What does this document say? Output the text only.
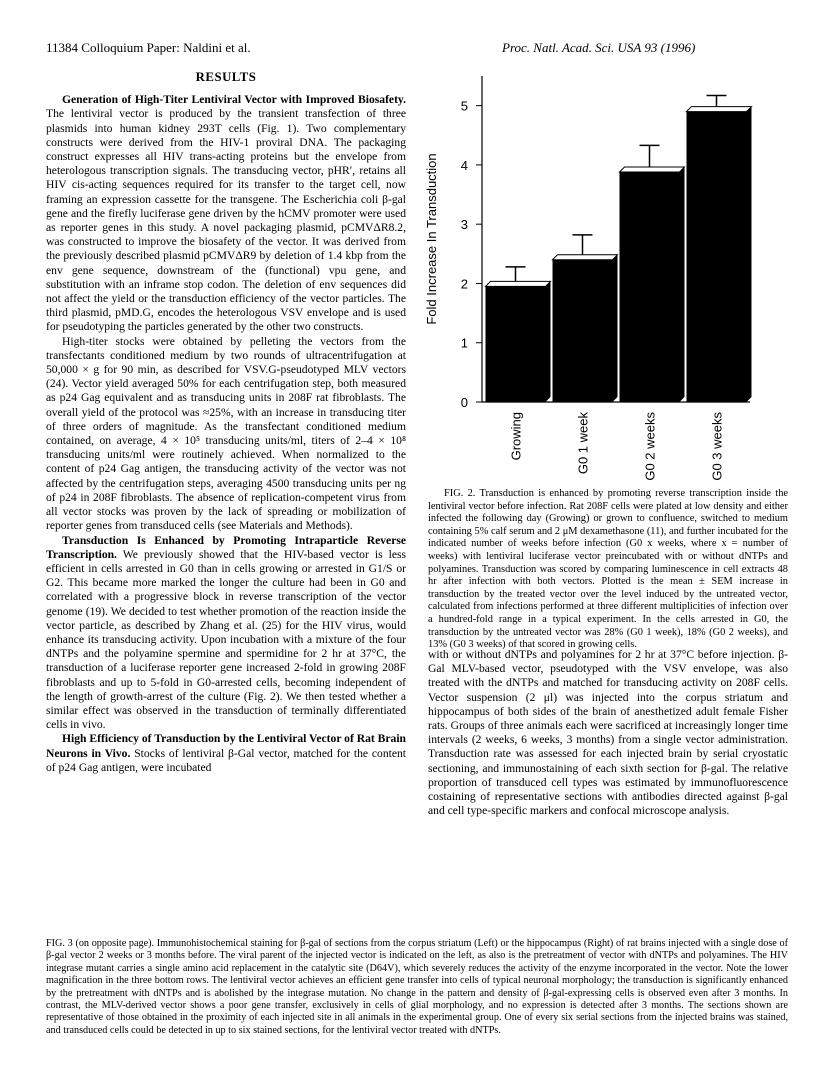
11384 Colloquium Paper: Naldini et al.	Proc. Natl. Acad. Sci. USA 93 (1996)
RESULTS

Generation of High-Titer Lentiviral Vector with Improved Biosafety. The lentiviral vector is produced by the transient transfection of three plasmids into human kidney 293T cells (Fig. 1). Two complementary constructs were derived from the HIV-1 proviral DNA. The packaging construct expresses all HIV trans-acting proteins but the envelope from heterologous transcription signals. The transducing vector, pHR′, retains all HIV cis-acting sequences required for its transfer to the target cell, now framing an expression cassette for the transgene. The Escherichia coli β-gal gene and the firefly luciferase gene driven by the hCMV promoter were used as reporter genes in this study. A novel packaging plasmid, pCMVΔR8.2, was constructed to improve the biosafety of the vector. It was derived from the previously described plasmid pCMVΔR9 by deletion of 1.4 kbp from the env gene sequence, downstream of the (functional) vpu gene, and substitution with an inframe stop codon. The deletion of env sequences did not affect the yield or the transduction efficiency of the vector particles. The third plasmid, pMD.G, encodes the heterologous VSV envelope and is used for pseudotyping the particles generated by the other two constructs.

High-titer stocks were obtained by pelleting the vectors from the transfectants conditioned medium by two rounds of ultracentrifugation at 50,000 × g for 90 min, as described for VSV.G-pseudotyped MLV vectors (24). Vector yield averaged 50% for each centrifugation step, both measured as p24 Gag equivalent and as transducing units in 208F rat fibroblasts. The overall yield of the protocol was ≈25%, with an increase in transducing titer of three orders of magnitude. As the transfectant conditioned medium contained, on average, 4 × 10⁵ transducing units/ml, titers of 2–4 × 10⁸ transducing units/ml were routinely achieved. When normalized to the content of p24 Gag antigen, the transducing activity of the vector was not affected by the centrifugation steps, averaging 4500 transducing units per ng of p24 in 208F fibroblasts. The absence of replication-competent virus from all vector stocks was proven by the lack of spreading or mobilization of reporter genes from transduced cells (see Materials and Methods).

Transduction Is Enhanced by Promoting Intraparticle Reverse Transcription. We previously showed that the HIV-based vector is less efficient in cells arrested in G0 than in cells growing or arrested in G1/S or G2. This became more marked the longer the culture had been in G0 and correlated with a progressive block in reverse transcription of the vector genome (19). We decided to test whether promotion of the reaction inside the vector particle, as described by Zhang et al. (25) for the HIV virus, would enhance its transducing activity. Upon incubation with a mixture of the four dNTPs and the polyamine spermine and spermidine for 2 hr at 37°C, the transduction of a luciferase reporter gene increased 2-fold in growing 208F fibroblasts and up to 5-fold in G0-arrested cells, becoming independent of the length of growth-arrest of the culture (Fig. 2). We then tested whether a similar effect was observed in the transduction of terminally differentiated cells in vivo.

High Efficiency of Transduction by the Lentiviral Vector of Rat Brain Neurons in Vivo. Stocks of lentiviral β-Gal vector, matched for the content of p24 Gag antigen, were incubated

0
1
2
3
4
5
Fold Increase In Transduction
Growing	G0 1 week	G0 2 weeks	G0 3 weeks

FIG. 2. Transduction is enhanced by promoting reverse transcription inside the lentiviral vector before infection. Rat 208F cells were plated at low density and either infected the following day (Growing) or grown to confluence, switched to medium containing 5% calf serum and 2 μM dexamethasone (11), and further incubated for the indicated number of weeks before infection (G0 x weeks, where x = number of weeks) with lentiviral luciferase vector preincubated with or without dNTPs and polyamines. Transduction was scored by comparing luminescence in cell extracts 48 hr after infection with both vectors. Plotted is the mean ± SEM increase in transduction by the treated vector over the level induced by the untreated vector, calculated from infections performed at three different multiplicities of infection over a hundred-fold range in a typical experiment. In the cells arrested in G0, the transduction by the untreated vector was 28% (G0 1 week), 18% (G0 2 weeks), and 13% (G0 3 weeks) of that scored in growing cells.

with or without dNTPs and polyamines for 2 hr at 37°C before injection. β-Gal MLV-based vector, pseudotyped with the VSV envelope, was also treated with the dNTPs and matched for transducing activity on 208F cells. Vector suspension (2 μl) was injected into the corpus striatum and hippocampus of both sides of the brain of anesthetized adult female Fisher rats. Groups of three animals each were sacrificed at increasingly longer time intervals (2 weeks, 6 weeks, 3 months) from a single vector administration. Transduction rate was assessed for each injected brain by serial cryostatic sectioning, and immunostaining of each sixth section for β-gal. The relative proportion of transduced cell types was estimated by immunofluorescence costaining of representative sections with antibodies directed against β-gal and cell type-specific markers and confocal microscope analysis.

FIG. 3 (on opposite page). Immunohistochemical staining for β-gal of sections from the corpus striatum (Left) or the hippocampus (Right) of rat brains injected with a single dose of β-gal vector 2 weeks or 3 months before. The viral parent of the injected vector is indicated on the left, as also is the pretreatment of vector with dNTPs and polyamines. The HIV integrase mutant carries a single amino acid replacement in the catalytic site (D64V), which severely reduces the activity of the enzyme incorporated in the vector. Note the lower magnification in the three bottom rows. The lentiviral vector achieves an efficient gene transfer into cells of typical neuronal morphology; the transduction is significantly enhanced by the pretreatment with dNTPs and is abolished by the integrase mutation. No change in the pattern and density of β-gal-expressing cells is observed even after 3 months. In contrast, the MLV-derived vector shows a poor gene transfer, exclusively in cells of glial morphology, and no expression is detected after 3 months. The sections shown are representative of those obtained in the proximity of each injected site in all animals in the experimental group. One of every six serial sections from the injected brains was stained, and transduced cells could be detected in up to six stained sections, for the lentiviral vector treated with dNTPs.
